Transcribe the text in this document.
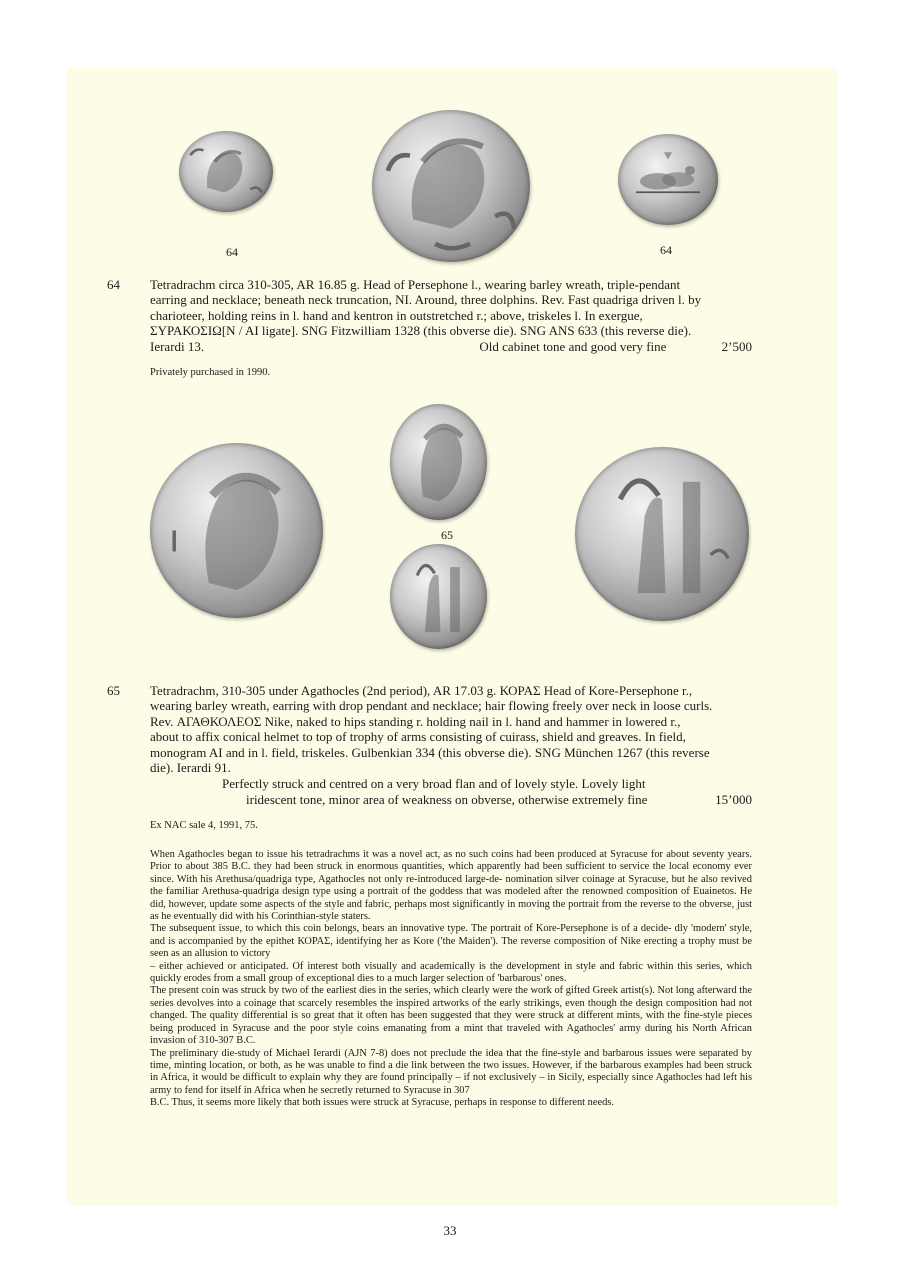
64	64
64 Tetradrachm circa 310-305, AR 16.85 g. Head of Persephone l., wearing barley wreath, triple-pendant
earring and necklace; beneath neck truncation, NI. Around, three dolphins. Rev. Fast quadriga driven l. by
charioteer, holding reins in l. hand and kentron in outstretched r.; above, triskeles l. In exergue,
ΣΥΡΑΚΟΣΙΩ[N / AI ligate]. SNG Fitzwilliam 1328 (this obverse die). SNG ANS 633 (this reverse die).
Ierardi 13.	Old cabinet tone and good very fine	2’500
Privately purchased in 1990.
65
65 Tetradrachm, 310-305 under Agathocles (2nd period), AR 17.03 g. ΚΟΡΑΣ Head of Kore-Persephone r.,
wearing barley wreath, earring with drop pendant and necklace; hair flowing freely over neck in loose curls.
Rev. ΑΓΑΘΚΟΛΕΟΣ Nike, naked to hips standing r. holding nail in l. hand and hammer in lowered r.,
about to affix conical helmet to top of trophy of arms consisting of cuirass, shield and greaves. In field,
monogram AI and in l. field, triskeles. Gulbenkian 334 (this obverse die). SNG München 1267 (this reverse
die). Ierardi 91.
Perfectly struck and centred on a very broad flan and of lovely style. Lovely light
iridescent tone, minor area of weakness on obverse, otherwise extremely fine	15’000
Ex NAC sale 4, 1991, 75.

When Agathocles began to issue his tetradrachms it was a novel act, as no such coins had been produced at Syracuse for about seventy years. Prior to about 385 B.C. they had been struck in enormous quantities, which apparently had been sufficient to service the local economy ever since. With his Arethusa/quadriga type, Agathocles not only re-introduced large-de- nomination silver coinage at Syracuse, but he also revived the familiar Arethusa-quadriga design type using a portrait of the goddess that was modeled after the renowned composition of Euainetos. He did, however, update some aspects of the style and fabric, perhaps most significantly in moving the portrait from the reverse to the obverse, just as he eventually did with his Corinthian-style staters.

The subsequent issue, to which this coin belongs, bears an innovative type. The portrait of Kore-Persephone is of a decide- dly 'modern' style, and is accompanied by the epithet ΚΟΡΑΣ, identifying her as Kore ('the Maiden'). The reverse composition of Nike erecting a trophy must be seen as an allusion to victory

– either achieved or anticipated. Of interest both visually and academically is the development in style and fabric within this series, which quickly erodes from a small group of exceptional dies to a much larger selection of 'barbarous' ones.

The present coin was struck by two of the earliest dies in the series, which clearly were the work of gifted Greek artist(s). Not long afterward the series devolves into a coinage that scarcely resembles the inspired artworks of the early strikings, even though the design composition had not changed. The quality differential is so great that it often has been suggested that they were struck at different mints, with the fine-style pieces being produced in Syracuse and the poor style coins emanating from a mint that traveled with Agathocles' army during his North African invasion of 310-307 B.C.

The preliminary die-study of Michael Ierardi (AJN 7-8) does not preclude the idea that the fine-style and barbarous issues were separated by time, minting location, or both, as he was unable to find a die link between the two issues. However, if the barbarous examples had been struck in Africa, it would be difficult to explain why they are found principally – if not exclusively – in Sicily, especially since Agathocles had left his army to fend for itself in Africa when he secretly returned to Syracuse in 307

B.C. Thus, it seems more likely that both issues were struck at Syracuse, perhaps in response to different needs.

33
